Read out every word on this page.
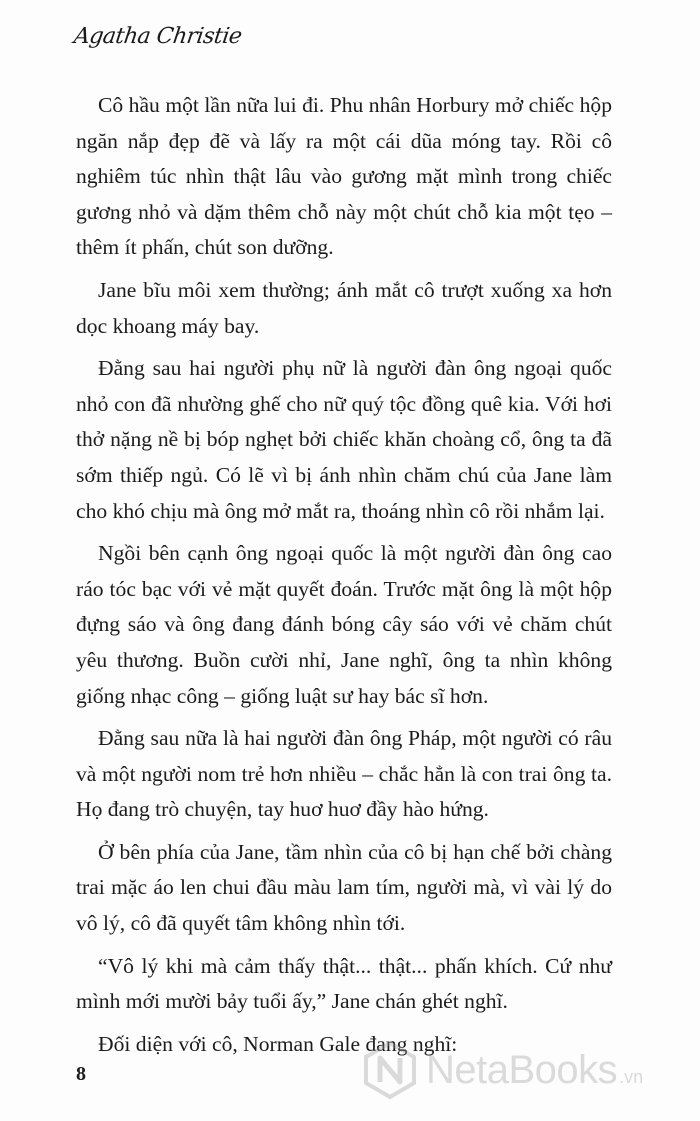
Agatha Christie

Cô hầu một lần nữa lui đi. Phu nhân Horbury mở chiếc hộp ngăn nắp đẹp đẽ và lấy ra một cái dũa móng tay. Rồi cô nghiêm túc nhìn thật lâu vào gương mặt mình trong chiếc gương nhỏ và dặm thêm chỗ này một chút chỗ kia một tẹo – thêm ít phấn, chút son dưỡng.

Jane bĩu môi xem thường; ánh mắt cô trượt xuống xa hơn dọc khoang máy bay.

Đằng sau hai người phụ nữ là người đàn ông ngoại quốc nhỏ con đã nhường ghế cho nữ quý tộc đồng quê kia. Với hơi thở nặng nề bị bóp nghẹt bởi chiếc khăn choàng cổ, ông ta đã sớm thiếp ngủ. Có lẽ vì bị ánh nhìn chăm chú của Jane làm cho khó chịu mà ông mở mắt ra, thoáng nhìn cô rồi nhắm lại.

Ngồi bên cạnh ông ngoại quốc là một người đàn ông cao ráo tóc bạc với vẻ mặt quyết đoán. Trước mặt ông là một hộp đựng sáo và ông đang đánh bóng cây sáo với vẻ chăm chút yêu thương. Buồn cười nhỉ, Jane nghĩ, ông ta nhìn không giống nhạc công – giống luật sư hay bác sĩ hơn.

Đằng sau nữa là hai người đàn ông Pháp, một người có râu và một người nom trẻ hơn nhiều – chắc hẳn là con trai ông ta. Họ đang trò chuyện, tay huơ huơ đầy hào hứng.

Ở bên phía của Jane, tầm nhìn của cô bị hạn chế bởi chàng trai mặc áo len chui đầu màu lam tím, người mà, vì vài lý do vô lý, cô đã quyết tâm không nhìn tới.

“Vô lý khi mà cảm thấy thật... thật... phấn khích. Cứ như mình mới mười bảy tuổi ấy,” Jane chán ghét nghĩ.

Đối diện với cô, Norman Gale đang nghĩ:

8	NetaBooks .vn
